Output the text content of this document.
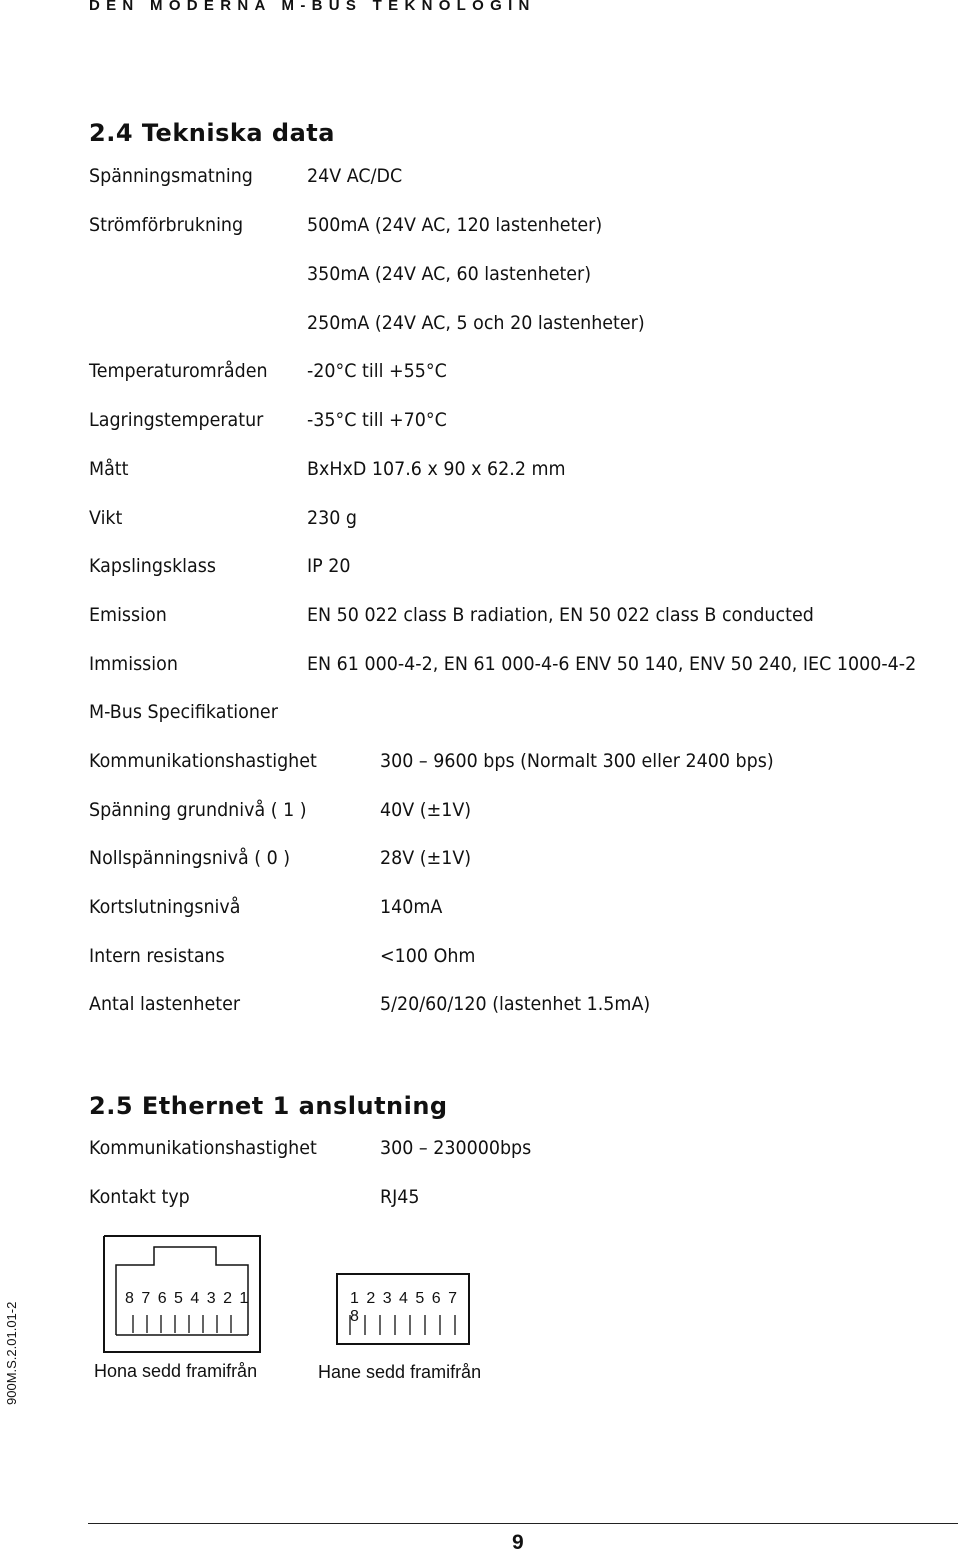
DEN MODERNA M-BUS TEKNOLOGIN
2.4 Tekniska data
Spänningsmatning	24V AC/DC
Strömförbrukning	500mA (24V AC, 120 lastenheter)
350mA (24V AC, 60 lastenheter)
250mA (24V AC, 5 och 20 lastenheter)
Temperaturområden -20°C till +55°C
Lagringstemperatur -35°C till +70°C
Mått	BxHxD 107.6 x 90 x 62.2 mm
Vikt	230 g
Kapslingsklass	IP 20
Emission	EN 50 022 class B radiation, EN 50 022 class B conducted
Immission	EN 61 000-4-2, EN 61 000-4-6 ENV 50 140, ENV 50 240, IEC 1000-4-2
M-Bus Specifikationer
Kommunikationshastighet	300 – 9600 bps (Normalt 300 eller 2400 bps)
Spänning grundnivå ( 1 )	40V (±1V)
Nollspänningsnivå ( 0 )	28V (±1V)
Kortslutningsnivå	140mA
Intern resistans	<100 Ohm
Antal lastenheter	5/20/60/120 (lastenhet 1.5mA)
2.5 Ethernet 1 anslutning
Kommunikationshastighet	300 – 230000bps
Kontakt typ	RJ45
8 7 6 5 4 3 2 1
Hona sedd framifrån
1 2 3 4 5 6 7 8
Hane sedd framifrån
900M.S.2.01.01-2
9
